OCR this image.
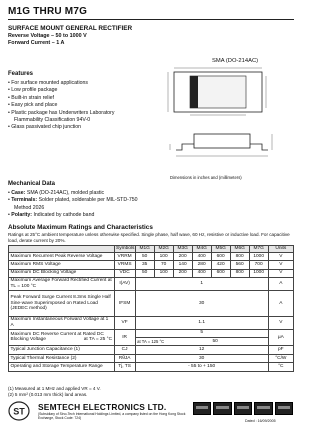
M1G THRU M7G
SURFACE MOUNT GENERAL RECTIFIER
Reverse Voltage – 50 to 1000 V
Forward Current – 1 A
Features
• For surface mounted applications
• Low profile package
• Built-in strain relief
• Easy pick and place
• Plastic package has Underwriters Laboratory
Flammability Classification 94V-0
• Glass passivated chip junction
Mechanical Data
• Case: SMA (DO-214AC), molded plastic
• Terminals: Solder plated, solderable per MIL-STD-750
Method 2026
• Polarity: Indicated by cathode band
SMA (DO-214AC)
Dimensions in inches and (millimeters)
Absolute Maximum Ratings and Characteristics
Ratings at 25°C ambient temperature unless otherwise specified. Single phase, half wave, 60 Hz, resistive or inductive load. For capacitive load, derate current by 20%.
	Symbols	M1G	M2G	M3G	M4G	M5G	M6G	M7G	Units
Maximum Recurrent Peak Reverse Voltage	VRRM	50	100	200	400	600	800	1000	V
Maximum RMS Voltage	VRMS	35	70	140	280	420	560	700	V
Maximum DC Blocking Voltage	VDC	50	100	200	400	600	800	1000	V
Maximum Average Forward Rectified Current at TL = 100 °C	I(AV)	1							A
Peak Forward Surge Current 8.3ms Single Half Sine-wave Superimposed on Rated Load (JEDEC method)	IFSM	30							A
Maximum Instantaneous Forward Voltage at 1 A	VF	1.1							V
Maximum DC Reverse Current at Rated DC Blocking Voltage at TA = 25 °C	IR	5							μA

		at TA = 125 °C 50							
Typical Junction Capacitance (1)	CJ	12							pF
Typical Thermal Resistance (2)	RθJA	30							°C/W
Operating and Storage Temperature Range	Tj, TS	- 55 to + 150							°C
(1) Measured at 1 MHz and applied VR = 4 V.
(2) 5 mm² (0.013 mm thick) land areas.
ST SEMTECH ELECTRONICS LTD.
(Subsidiary of Sino-Tech International Holdings Limited, a company listed on the Hong Kong Stock Exchange, Stock Code: 724)
Dated : 16/09/2005
